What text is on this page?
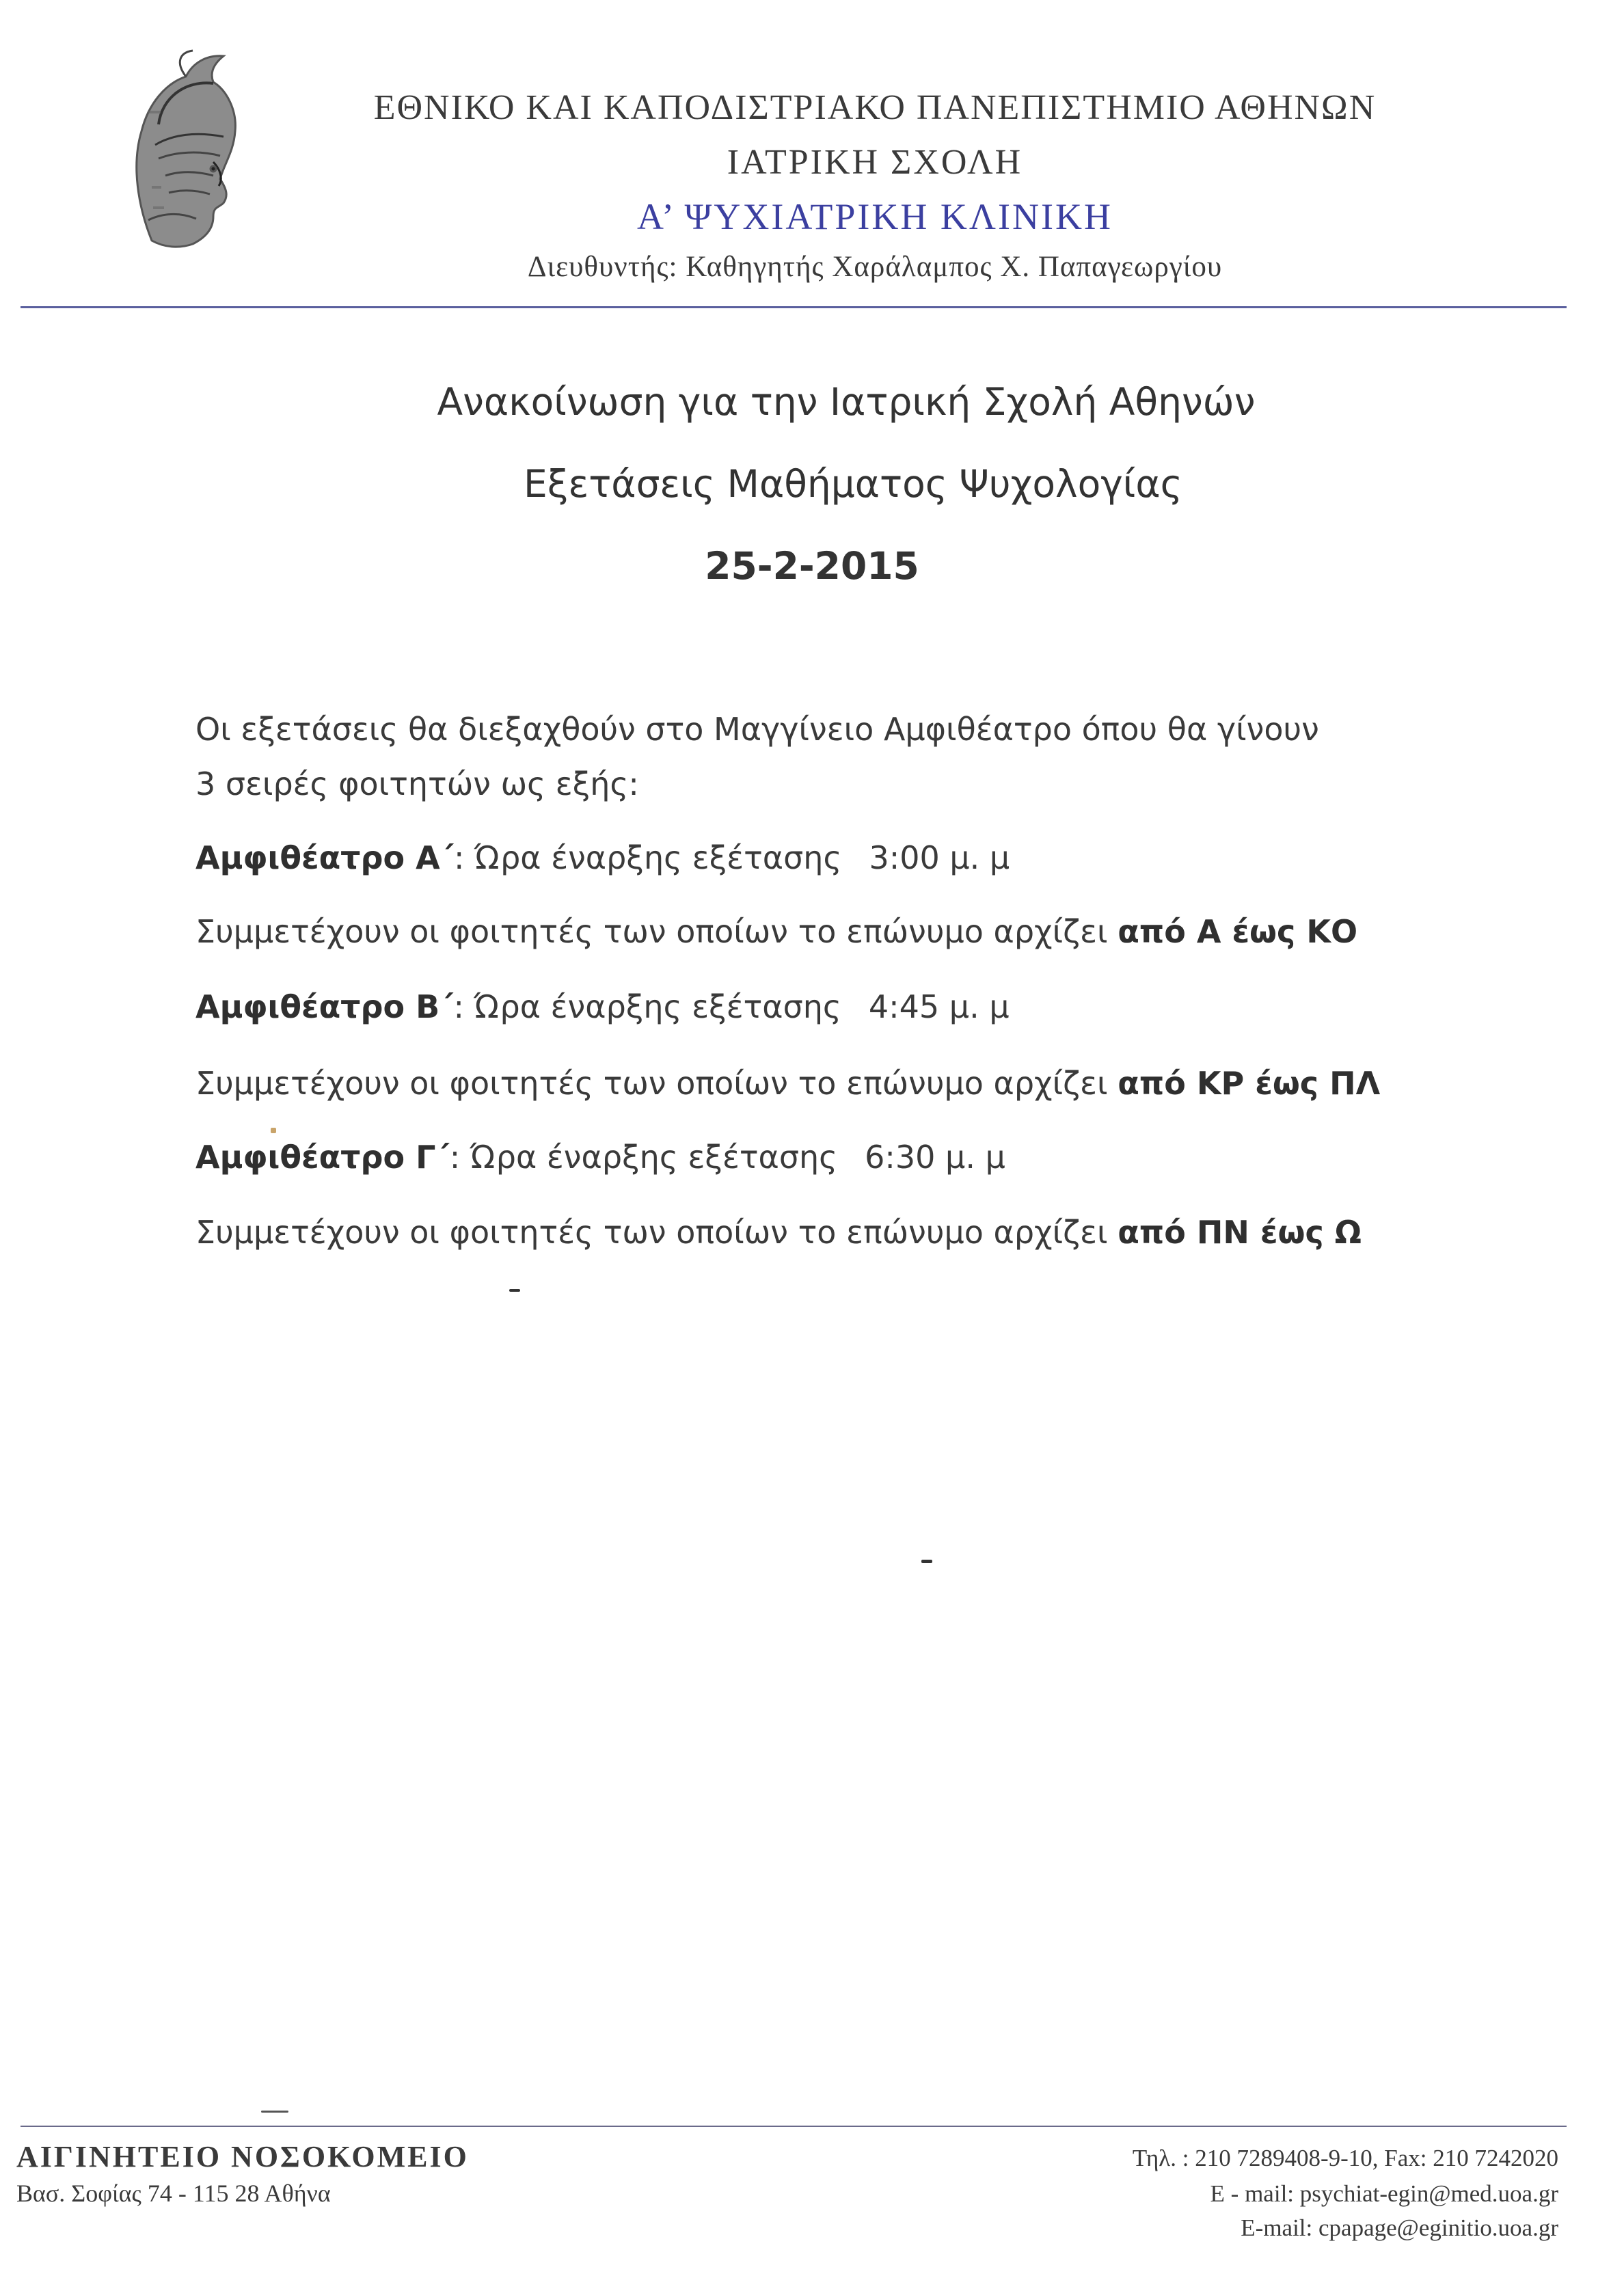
ΕΘΝΙΚΟ ΚΑΙ ΚΑΠΟΔΙΣΤΡΙΑΚΟ ΠΑΝΕΠΙΣΤΗΜΙΟ ΑΘΗΝΩΝ
ΙΑΤΡΙΚΗ ΣΧΟΛΗ
Α’ ΨΥΧΙΑΤΡΙΚΗ ΚΛΙΝΙΚΗ
Διευθυντής: Καθηγητής Χαράλαμπος Χ. Παπαγεωργίου
Ανακοίνωση για την Ιατρική Σχολή Αθηνών
Εξετάσεις Μαθήματος Ψυχολογίας
25-2-2015
Οι εξετάσεις θα διεξαχθούν στο Μαγγίνειο Αμφιθέατρο όπου θα γίνουν
3 σειρές φοιτητών ως εξής:
Αμφιθέατρο Α΄: Ώρα έναρξης εξέτασης 3:00 μ. μ
Συμμετέχουν οι φοιτητές των οποίων το επώνυμο αρχίζει από Α έως ΚΟ
Αμφιθέατρο Β΄: Ώρα έναρξης εξέτασης 4:45 μ. μ
Συμμετέχουν οι φοιτητές των οποίων το επώνυμο αρχίζει από ΚΡ έως ΠΛ
Αμφιθέατρο Γ΄: Ώρα έναρξης εξέτασης 6:30 μ. μ
Συμμετέχουν οι φοιτητές των οποίων το επώνυμο αρχίζει από ΠΝ έως Ω
ΑΙΓΙΝΗΤΕΙΟ ΝΟΣΟΚΟΜΕΙΟ
Βασ. Σοφίας 74 - 115 28 Αθήνα
Τηλ. : 210 7289408-9-10, Fax: 210 7242020
E - mail: psychiat-egin@med.uoa.gr
E-mail: cpapage@eginitio.uoa.gr
